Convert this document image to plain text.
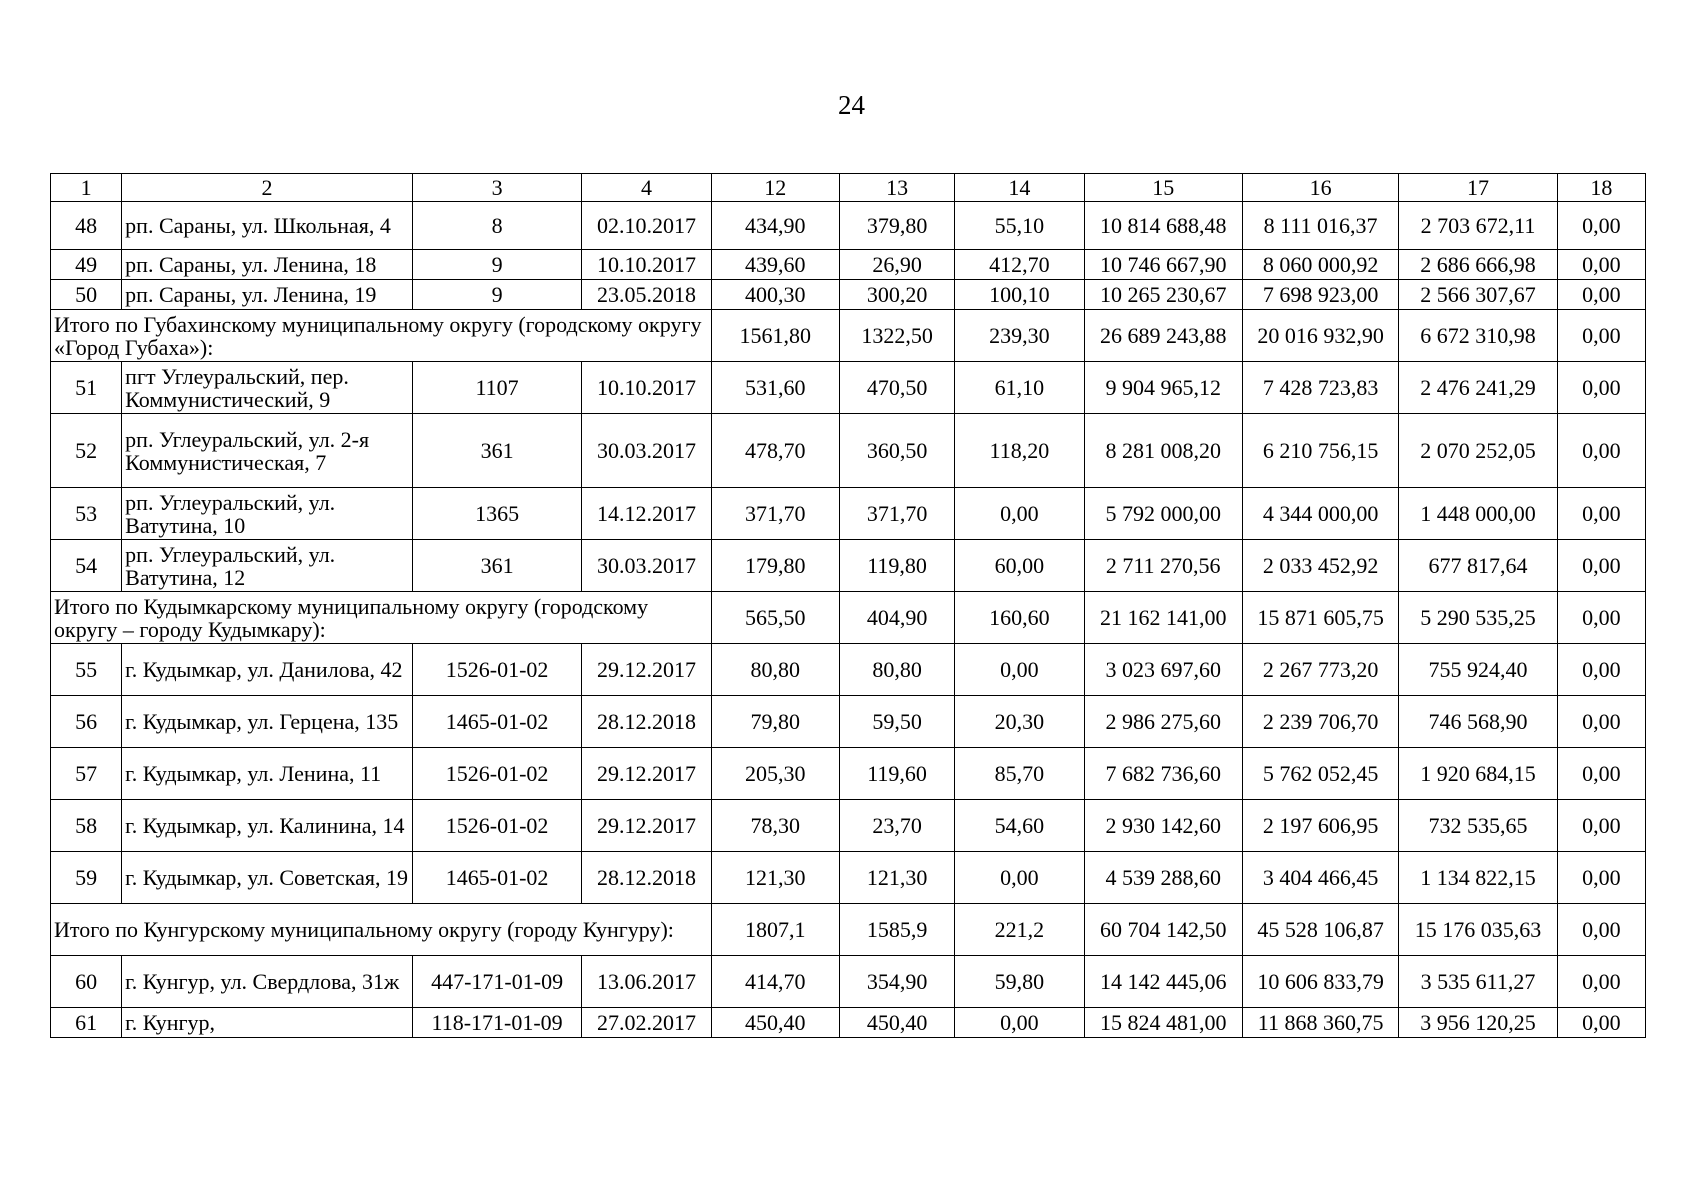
24
1	2	3	4	12	13	14	15	16	17	18
48	рп. Сараны, ул. Школьная, 4	8	02.10.2017	434,90	379,80	55,10	10 814 688,48	8 111 016,37	2 703 672,11	0,00
49	рп. Сараны, ул. Ленина, 18	9	10.10.2017	439,60	26,90	412,70	10 746 667,90	8 060 000,92	2 686 666,98	0,00
50	рп. Сараны, ул. Ленина, 19	9	23.05.2018	400,30	300,20	100,10	10 265 230,67	7 698 923,00	2 566 307,67	0,00
Итого по Губахинскому муниципальному округу (городскому округу «Город Губаха»):				1561,80	1322,50	239,30	26 689 243,88	20 016 932,90	6 672 310,98	0,00
51	пгт Углеуральский, пер. Коммунистический, 9	1107	10.10.2017	531,60	470,50	61,10	9 904 965,12	7 428 723,83	2 476 241,29	0,00
52	рп. Углеуральский, ул. 2-я Коммунистическая, 7	361	30.03.2017	478,70	360,50	118,20	8 281 008,20	6 210 756,15	2 070 252,05	0,00
53	рп. Углеуральский, ул. Ватутина, 10	1365	14.12.2017	371,70	371,70	0,00	5 792 000,00	4 344 000,00	1 448 000,00	0,00
54	рп. Углеуральский, ул. Ватутина, 12	361	30.03.2017	179,80	119,80	60,00	2 711 270,56	2 033 452,92	677 817,64	0,00
Итого по Кудымкарскому муниципальному округу (городскому округу – городу Кудымкару):				565,50	404,90	160,60	21 162 141,00	15 871 605,75	5 290 535,25	0,00
55	г. Кудымкар, ул. Данилова, 42	1526-01-02	29.12.2017	80,80	80,80	0,00	3 023 697,60	2 267 773,20	755 924,40	0,00
56	г. Кудымкар, ул. Герцена, 135	1465-01-02	28.12.2018	79,80	59,50	20,30	2 986 275,60	2 239 706,70	746 568,90	0,00
57	г. Кудымкар, ул. Ленина, 11	1526-01-02	29.12.2017	205,30	119,60	85,70	7 682 736,60	5 762 052,45	1 920 684,15	0,00
58	г. Кудымкар, ул. Калинина, 14	1526-01-02	29.12.2017	78,30	23,70	54,60	2 930 142,60	2 197 606,95	732 535,65	0,00
59	г. Кудымкар, ул. Советская, 19	1465-01-02	28.12.2018	121,30	121,30	0,00	4 539 288,60	3 404 466,45	1 134 822,15	0,00
Итого по Кунгурскому муниципальному округу (городу Кунгуру):				1807,1	1585,9	221,2	60 704 142,50	45 528 106,87	15 176 035,63	0,00
60	г. Кунгур, ул. Свердлова, 31ж	447-171-01-09	13.06.2017	414,70	354,90	59,80	14 142 445,06	10 606 833,79	3 535 611,27	0,00
61	г. Кунгур,	118-171-01-09	27.02.2017	450,40	450,40	0,00	15 824 481,00	11 868 360,75	3 956 120,25	0,00
